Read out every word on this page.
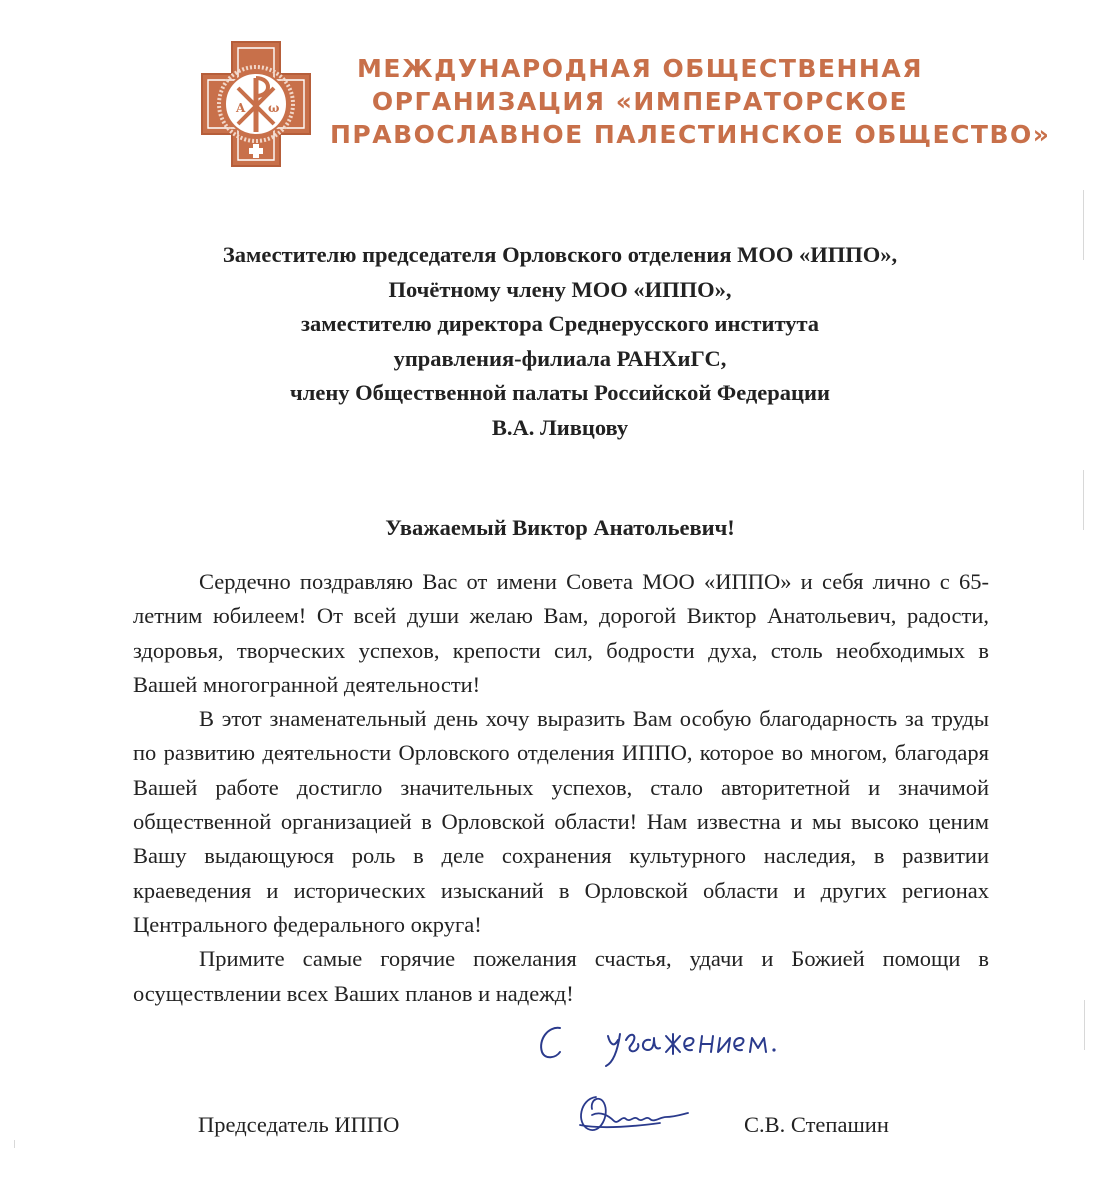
Α ω
МЕЖДУНАРОДНАЯ ОБЩЕСТВЕННАЯ
ОРГАНИЗАЦИЯ «ИМПЕРАТОРСКОЕ
ПРАВОСЛАВНОЕ ПАЛЕСТИНСКОЕ ОБЩЕСТВО»
Заместителю председателя Орловского отделения МОО «ИППО»,
Почётному члену МОО «ИППО»,
заместителю директора Среднерусского института
управления-филиала РАНХиГС,
члену Общественной палаты Российской Федерации
В.А. Ливцову
Уважаемый Виктор Анатольевич!

Сердечно поздравляю Вас от имени Совета МОО «ИППО» и себя лично с 65-летним юбилеем! От всей души желаю Вам, дорогой Виктор Анатольевич, радости, здоровья, творческих успехов, крепости сил, бодрости духа, столь необходимых в Вашей многогранной деятельности!

В этот знаменательный день хочу выразить Вам особую благодарность за труды по развитию деятельности Орловского отделения ИППО, которое во многом, благодаря Вашей работе достигло значительных успехов, стало авторитетной и значимой общественной организацией в Орловской области! Нам известна и мы высоко ценим Вашу выдающуюся роль в деле сохранения культурного наследия, в развитии краеведения и исторических изысканий в Орловской области и других регионах Центрального федерального округа!

Примите самые горячие пожелания счастья, удачи и Божией помощи в осуществлении всех Ваших планов и надежд!

Председатель ИППО	С.В. Степашин
